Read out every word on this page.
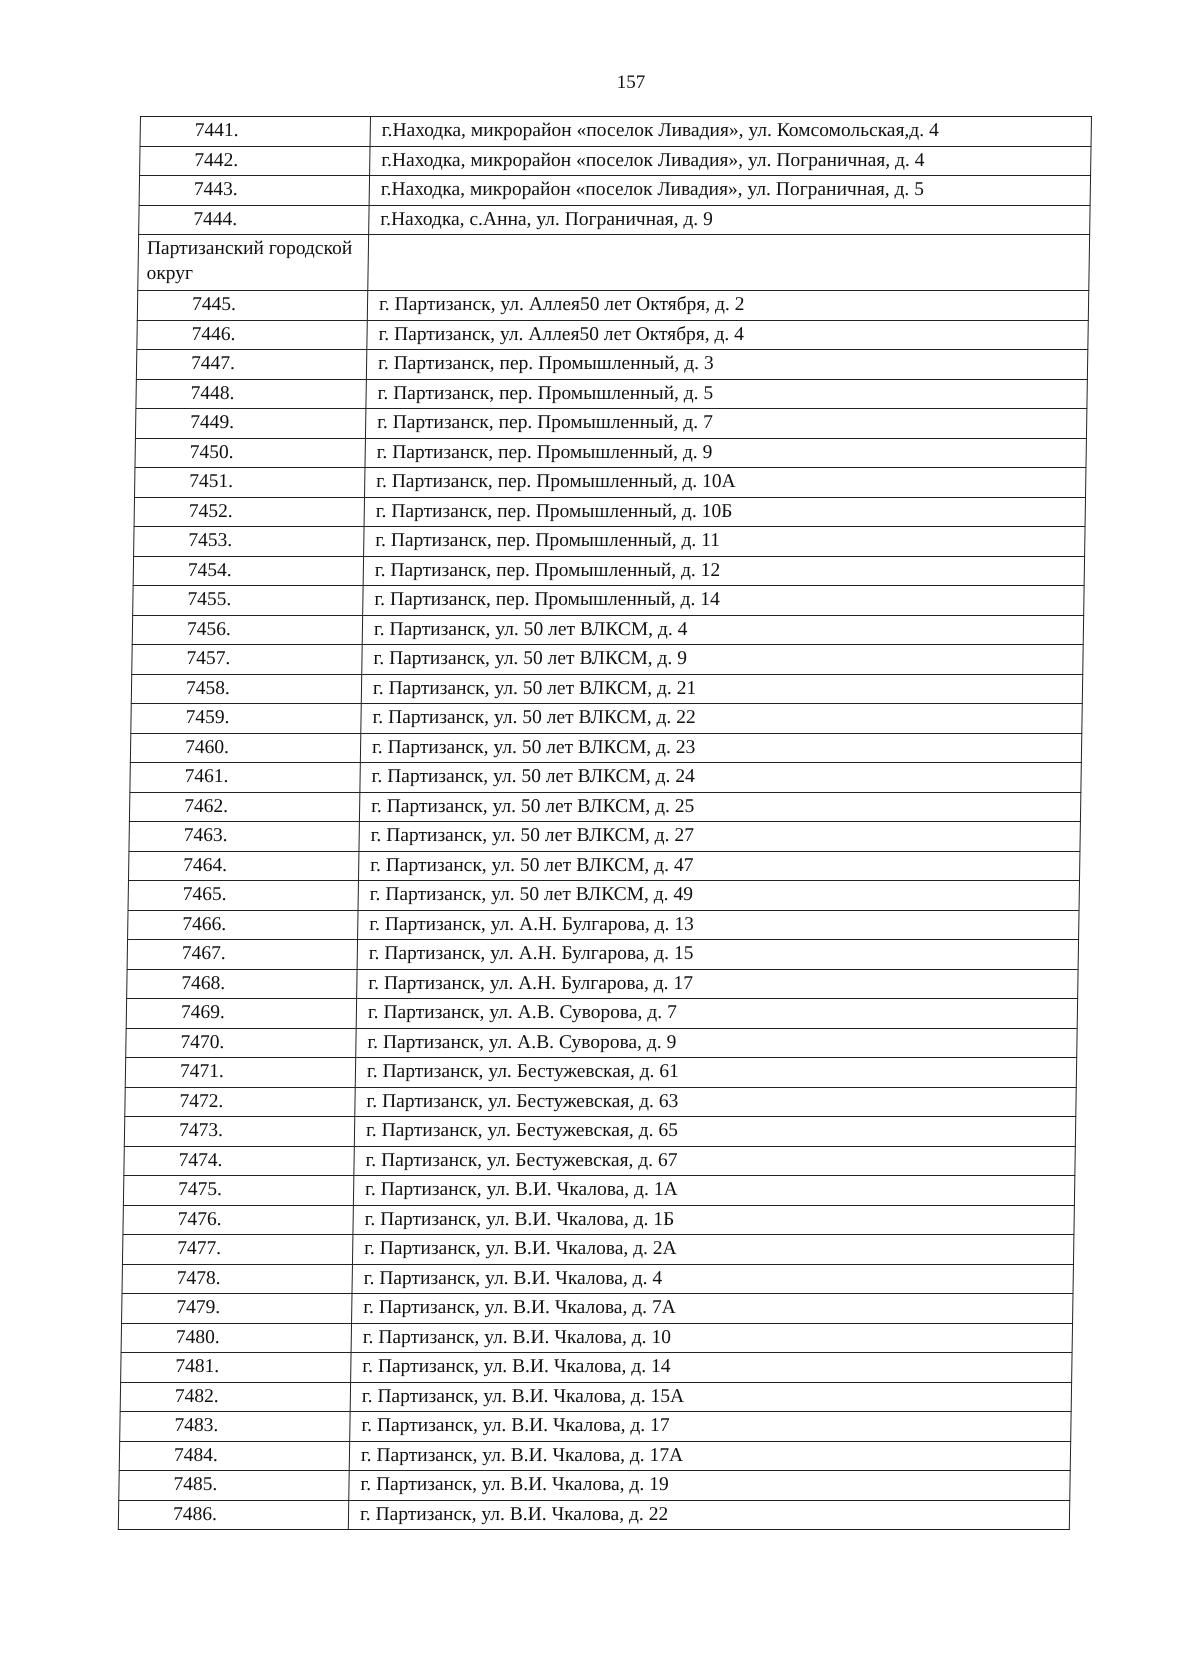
157
7441.	г.Находка, микрорайон «поселок Ливадия», ул. Комсомольская,д. 4
7442.	г.Находка, микрорайон «поселок Ливадия», ул. Пограничная, д. 4
7443.	г.Находка, микрорайон «поселок Ливадия», ул. Пограничная, д. 5
7444.	г.Находка, с.Анна, ул. Пограничная, д. 9
Партизанский городской округ	
7445.	г. Партизанск, ул. Аллея50 лет Октября, д. 2
7446.	г. Партизанск, ул. Аллея50 лет Октября, д. 4
7447.	г. Партизанск, пер. Промышленный, д. 3
7448.	г. Партизанск, пер. Промышленный, д. 5
7449.	г. Партизанск, пер. Промышленный, д. 7
7450.	г. Партизанск, пер. Промышленный, д. 9
7451.	г. Партизанск, пер. Промышленный, д. 10А
7452.	г. Партизанск, пер. Промышленный, д. 10Б
7453.	г. Партизанск, пер. Промышленный, д. 11
7454.	г. Партизанск, пер. Промышленный, д. 12
7455.	г. Партизанск, пер. Промышленный, д. 14
7456.	г. Партизанск, ул. 50 лет ВЛКСМ, д. 4
7457.	г. Партизанск, ул. 50 лет ВЛКСМ, д. 9
7458.	г. Партизанск, ул. 50 лет ВЛКСМ, д. 21
7459.	г. Партизанск, ул. 50 лет ВЛКСМ, д. 22
7460.	г. Партизанск, ул. 50 лет ВЛКСМ, д. 23
7461.	г. Партизанск, ул. 50 лет ВЛКСМ, д. 24
7462.	г. Партизанск, ул. 50 лет ВЛКСМ, д. 25
7463.	г. Партизанск, ул. 50 лет ВЛКСМ, д. 27
7464.	г. Партизанск, ул. 50 лет ВЛКСМ, д. 47
7465.	г. Партизанск, ул. 50 лет ВЛКСМ, д. 49
7466.	г. Партизанск, ул. А.Н. Булгарова, д. 13
7467.	г. Партизанск, ул. А.Н. Булгарова, д. 15
7468.	г. Партизанск, ул. А.Н. Булгарова, д. 17
7469.	г. Партизанск, ул. А.В. Суворова, д. 7
7470.	г. Партизанск, ул. А.В. Суворова, д. 9
7471.	г. Партизанск, ул. Бестужевская, д. 61
7472.	г. Партизанск, ул. Бестужевская, д. 63
7473.	г. Партизанск, ул. Бестужевская, д. 65
7474.	г. Партизанск, ул. Бестужевская, д. 67
7475.	г. Партизанск, ул. В.И. Чкалова, д. 1А
7476.	г. Партизанск, ул. В.И. Чкалова, д. 1Б
7477.	г. Партизанск, ул. В.И. Чкалова, д. 2А
7478.	г. Партизанск, ул. В.И. Чкалова, д. 4
7479.	г. Партизанск, ул. В.И. Чкалова, д. 7А
7480.	г. Партизанск, ул. В.И. Чкалова, д. 10
7481.	г. Партизанск, ул. В.И. Чкалова, д. 14
7482.	г. Партизанск, ул. В.И. Чкалова, д. 15А
7483.	г. Партизанск, ул. В.И. Чкалова, д. 17
7484.	г. Партизанск, ул. В.И. Чкалова, д. 17А
7485.	г. Партизанск, ул. В.И. Чкалова, д. 19
7486.	г. Партизанск, ул. В.И. Чкалова, д. 22
